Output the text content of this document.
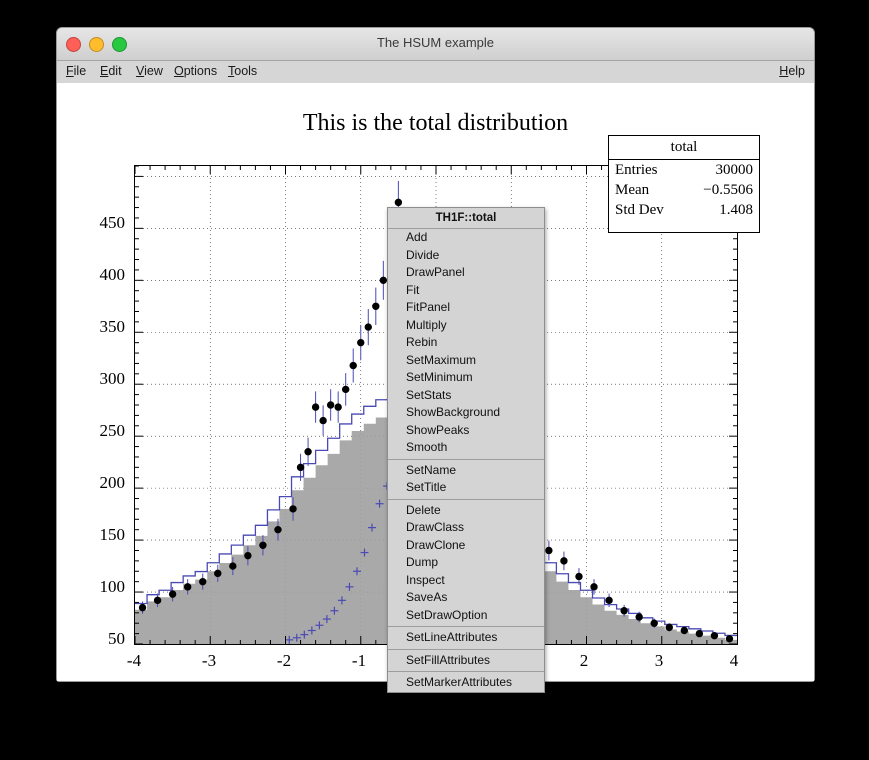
The HSUM example
File	Edit	View Options Tools	Help
This is the total distribution
0
50
100
150
200
250
300
350
400
450
-4	-3	-2	-1	2	3	4
total
Entries	30000
Mean	−0.5506
Std Dev	1.408
TH1F::total
Add
Divide
DrawPanel
Fit
FitPanel
Multiply
Rebin
SetMaximum
SetMinimum
SetStats
ShowBackground
ShowPeaks
Smooth
SetName
SetTitle
Delete
DrawClass
DrawClone
Dump
Inspect
SaveAs
SetDrawOption
SetLineAttributes
SetFillAttributes
SetMarkerAttributes
